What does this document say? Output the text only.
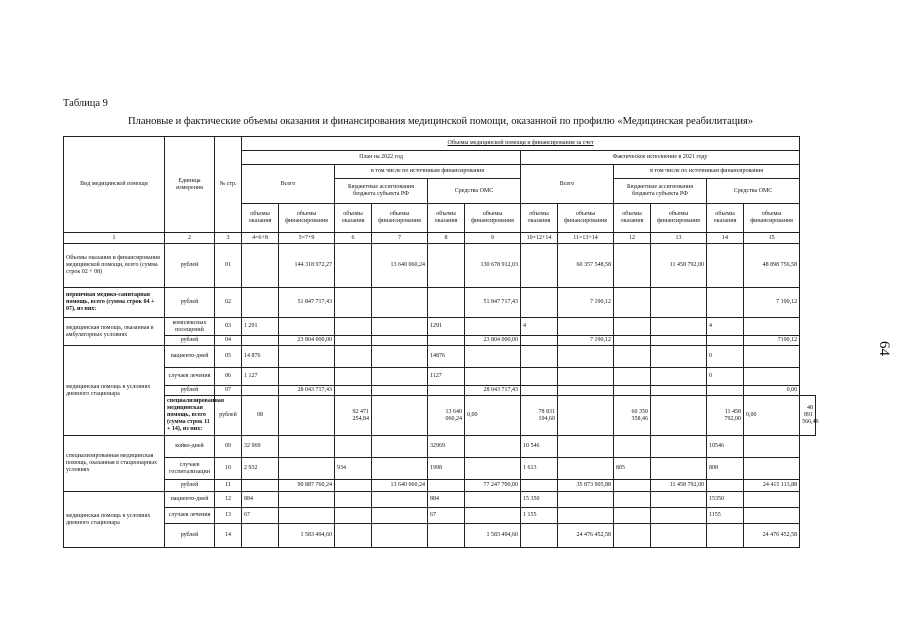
Таблица 9
Плановые и фактические объемы оказания и финансирования медицинской помощи, оказанной по профилю «Медицинская реабилитация»
64
Вид медицинской помощи	Единица измерения	№ стр.	Объемы медицинской помощи и финансирования за счет												
			План на 2022 год						Фактическое исполнение в 2021 году						
			Всего		в том числе по источникам финансирования				Всего		в том числе по источникам финансирования				
					Бюджетные ассигнования бюджета субъекта РФ		Средства ОМС				Бюджетные ассигнования бюджета субъекта РФ		Средства ОМС		
			объемы оказания	объемы финансирования	объемы оказания	объемы финансирования	объемы оказания	объемы финансирования	объемы оказания	объемы финансирования	объемы оказания	объемы финансирования	объемы оказания	объемы финансирования	
1	2	3	4=6+8	5=7+9	6	7	8	9	10=12+14	11=13+14	12	13	14	15	
Объемы оказания и финансирования медицинской помощи, всего (сумма строк 02 + 08)	рублей	01		144 318 972,27		13 640 060,24		130 678 912,03		60 357 548,58		11 458 792,00		48 898 756,58	
первичная медико-санитарная помощь, всего (сумма строк 04 + 07), из них:	рублей	02		51 847 717,43				51 847 717,43		7 190,12				7 190,12	
медицинская помощь, оказанная в амбулаторных условиях	комплексных посещений	03	1 291				1291		4				4		
	рублей	04		23 804 000,00				23 804 000,00		7 190,12				7190,12	
медицинская помощь в условиях дневного стационара	пациенто-дней	05	14 876				14876						0		
	случаев лечения	06	1 127				1127						0		
	рублей	07		28 043 717,43				28 043 717,43						0,00	
	специализированная медицинская помощь, всего (сумма строк 11 + 14), из них:	рублей	08		92 471 254,84		13 640 060,24	0,00	78 831 194,60		60 350 358,46		11 458 792,00	0,00	48 891 566,46
специализированная медицинская помощь, оказанная в стационарных условиях	койко-дней	09	32 969				32969		10 546				10546		
	случаев госпитализации	10	2 932		934		1998		1 613		805		808		
	рублей	11		90 887 760,24		13 640 060,24		77 247 700,00		35 873 905,88		11 458 792,00		24 415 113,88	
медицинская помощь в условиях дневного стационара	пациенто-дней	12	884				884		15 350				15350		
	случаев лечения	13	67				67		1 155				1155		
	рублей	14		1 583 494,60				1 583 494,60		24 476 452,58				24 476 452,58	
